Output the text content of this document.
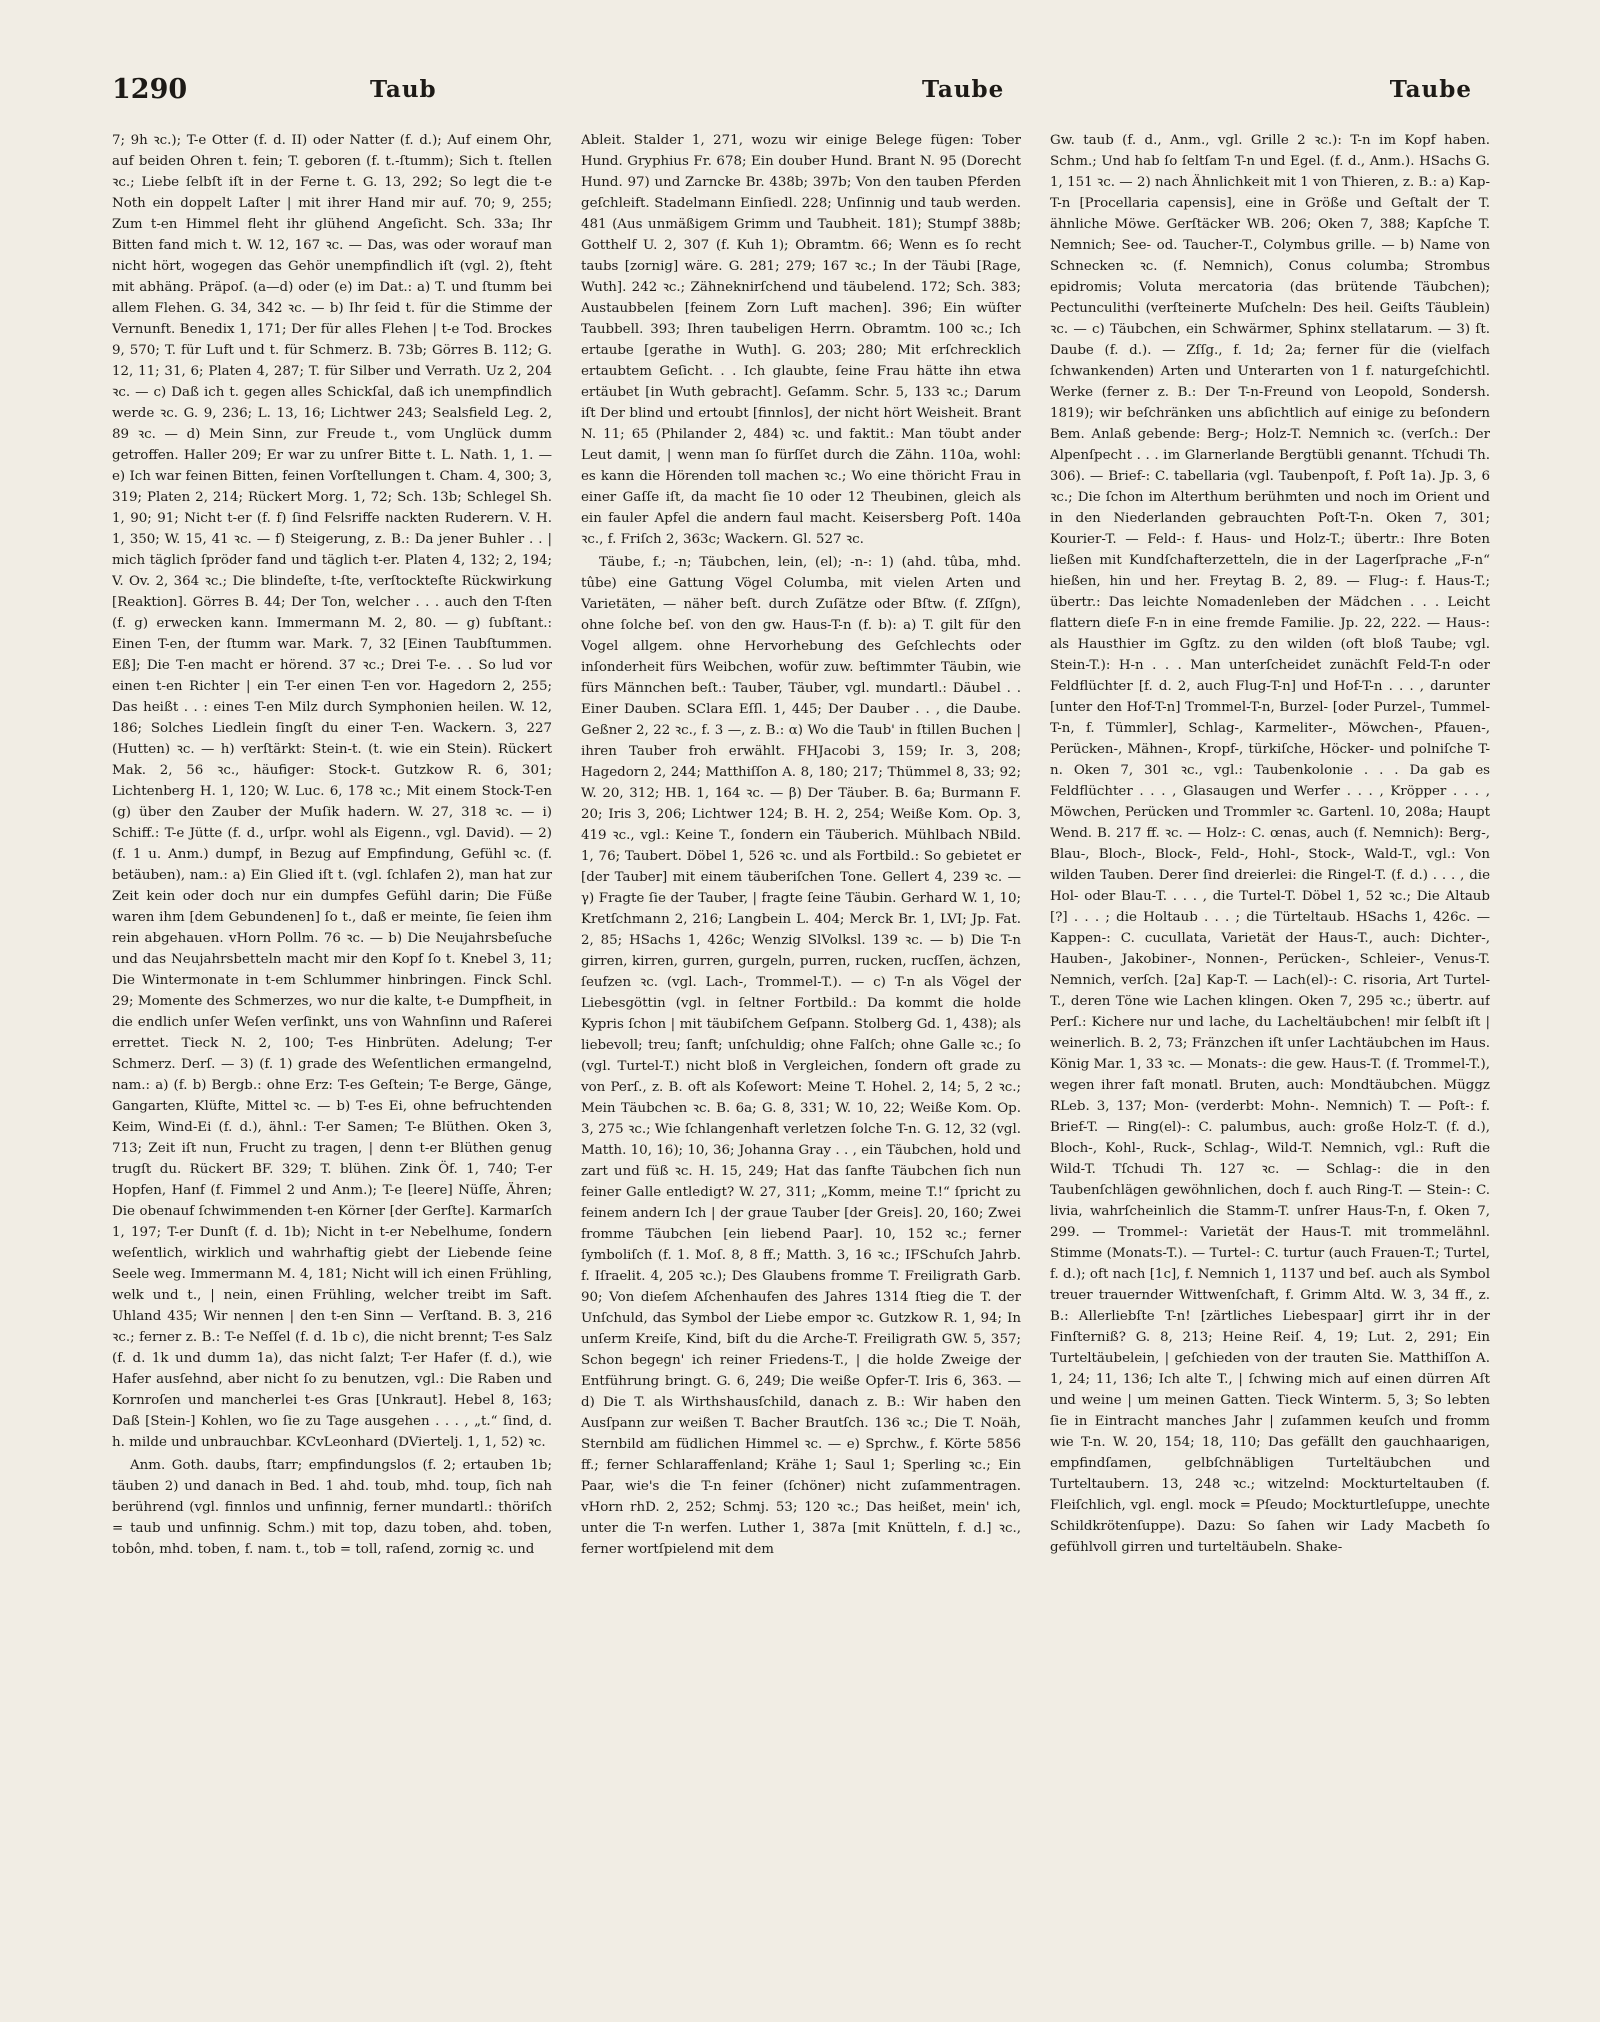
1290	Taub	Taube	Taube

7; 9h ꝛc.); T-e Otter (f. d. II) oder Natter (f. d.); Auf einem Ohr, auf beiden Ohren t. fein; T. geboren (f. t.-ſtumm); Sich t. ſtellen ꝛc.; Liebe ſelbſt iſt in der Ferne t. G. 13, 292; So legt die t-e Noth ein doppelt Laſter | mit ihrer Hand mir auf. 70; 9, 255; Zum t-en Himmel fleht ihr glühend Angeſicht. Sch. 33a; Ihr Bitten fand mich t. W. 12, 167 ꝛc. — Das, was oder worauf man nicht hört, wogegen das Gehör unempfindlich iſt (vgl. 2), ſteht mit abhäng. Präpoſ. (a—d) oder (e) im Dat.: a) T. und ſtumm bei allem Flehen. G. 34, 342 ꝛc. — b) Ihr ſeid t. für die Stimme der Vernunft. Benedix 1, 171; Der für alles Flehen | t-e Tod. Brockes 9, 570; T. für Luft und t. für Schmerz. B. 73b; Görres B. 112; G. 12, 11; 31, 6; Platen 4, 287; T. für Silber und Verrath. Uz 2, 204 ꝛc. — c) Daß ich t. gegen alles Schickſal, daß ich unempfindlich werde ꝛc. G. 9, 236; L. 13, 16; Lichtwer 243; Sealsfield Leg. 2, 89 ꝛc. — d) Mein Sinn, zur Freude t., vom Unglück dumm getroffen. Haller 209; Er war zu unſrer Bitte t. L. Nath. 1, 1. — e) Ich war feinen Bitten, feinen Vorſtellungen t. Cham. 4, 300; 3, 319; Platen 2, 214; Rückert Morg. 1, 72; Sch. 13b; Schlegel Sh. 1, 90; 91; Nicht t-er (f. f) ſind Felsriffe nackten Ruderern. V. H. 1, 350; W. 15, 41 ꝛc. — f) Steigerung, z. B.: Da jener Buhler . . | mich täglich ſpröder fand und täglich t-er. Platen 4, 132; 2, 194; V. Ov. 2, 364 ꝛc.; Die blindeſte, t-ſte, verſtockteſte Rückwirkung [Reaktion]. Görres B. 44; Der Ton, welcher . . . auch den T-ſten (f. g) erwecken kann. Immermann M. 2, 80. — g) ſubſtant.: Einen T-en, der ſtumm war. Mark. 7, 32 [Einen Taubſtummen. Eß]; Die T-en macht er hörend. 37 ꝛc.; Drei T-e. . . So lud vor einen t-en Richter | ein T-er einen T-en vor. Hagedorn 2, 255; Das heißt . . : eines T-en Milz durch Symphonien heilen. W. 12, 186; Solches Liedlein ſingſt du einer T-en. Wackern. 3, 227 (Hutten) ꝛc. — h) verſtärkt: Stein-t. (t. wie ein Stein). Rückert Mak. 2, 56 ꝛc., häufiger: Stock-t. Gutzkow R. 6, 301; Lichtenberg H. 1, 120; W. Luc. 6, 178 ꝛc.; Mit einem Stock-T-en (g) über den Zauber der Muſik hadern. W. 27, 318 ꝛc. — i) Schiff.: T-e Jütte (f. d., urſpr. wohl als Eigenn., vgl. David). — 2) (f. 1 u. Anm.) dumpf, in Bezug auf Empfindung, Gefühl ꝛc. (f. betäuben), nam.: a) Ein Glied iſt t. (vgl. ſchlafen 2), man hat zur Zeit kein oder doch nur ein dumpfes Gefühl darin; Die Füße waren ihm [dem Gebundenen] ſo t., daß er meinte, ſie ſeien ihm rein abgehauen. vHorn Pollm. 76 ꝛc. — b) Die Neujahrsbeſuche und das Neujahrsbetteln macht mir den Kopf ſo t. Knebel 3, 11; Die Wintermonate in t-em Schlummer hinbringen. Finck Schl. 29; Momente des Schmerzes, wo nur die kalte, t-e Dumpfheit, in die endlich unſer Weſen verſinkt, uns von Wahnſinn und Raſerei errettet. Tieck N. 2, 100; T-es Hinbrüten. Adelung; T-er Schmerz. Derſ. — 3) (f. 1) grade des Weſentlichen ermangelnd, nam.: a) (f. b) Bergb.: ohne Erz: T-es Geſtein; T-e Berge, Gänge, Gangarten, Klüfte, Mittel ꝛc. — b) T-es Ei, ohne befruchtenden Keim, Wind-Ei (f. d.), ähnl.: T-er Samen; T-e Blüthen. Oken 3, 713; Zeit iſt nun, Frucht zu tragen, | denn t-er Blüthen genug trugſt du. Rückert BF. 329; T. blühen. Zink Öf. 1, 740; T-er Hopfen, Hanf (f. Fimmel 2 und Anm.); T-e [leere] Nüſſe, Ähren; Die obenauf ſchwimmenden t-en Körner [der Gerſte]. Karmarſch 1, 197; T-er Dunſt (f. d. 1b); Nicht in t-er Nebelhume, ſondern weſentlich, wirklich und wahrhaftig giebt der Liebende ſeine Seele weg. Immermann M. 4, 181; Nicht will ich einen Frühling, welk und t., | nein, einen Frühling, welcher treibt im Saft. Uhland 435; Wir nennen | den t-en Sinn — Verſtand. B. 3, 216 ꝛc.; ferner z. B.: T-e Neſſel (f. d. 1b c), die nicht brennt; T-es Salz (f. d. 1k und dumm 1a), das nicht ſalzt; T-er Hafer (f. d.), wie Hafer ausſehnd, aber nicht ſo zu benutzen, vgl.: Die Raben und Kornroſen und mancherlei t-es Gras [Unkraut]. Hebel 8, 163; Daß [Stein-] Kohlen, wo ſie zu Tage ausgehen . . . , „t.“ ſind, d. h. milde und unbrauchbar. KCvLeonhard (DViertelj. 1, 1, 52) ꝛc.

Anm. Goth. daubs, ſtarr; empfindungslos (f. 2; ertauben 1b; täuben 2) und danach in Bed. 1 ahd. toub, mhd. toup, ſich nah berührend (vgl. finnlos und unfinnig, ferner mundartl.: thöriſch = taub und unfinnig. Schm.) mit top, dazu toben, ahd. toben, tobôn, mhd. toben, f. nam. t., tob = toll, raſend, zornig ꝛc. und

Ableit. Stalder 1, 271, wozu wir einige Belege fügen: Tober Hund. Gryphius Fr. 678; Ein douber Hund. Brant N. 95 (Dorecht Hund. 97) und Zarncke Br. 438b; 397b; Von den tauben Pferden geſchleift. Stadelmann Einſiedl. 228; Unſinnig und taub werden. 481 (Aus unmäßigem Grimm und Taubheit. 181); Stumpf 388b; Gotthelf U. 2, 307 (f. Kuh 1); Obramtm. 66; Wenn es ſo recht taubs [zornig] wäre. G. 281; 279; 167 ꝛc.; In der Täubi [Rage, Wuth]. 242 ꝛc.; Zähneknirſchend und täubelend. 172; Sch. 383; Austaubbelen [feinem Zorn Luft machen]. 396; Ein wüſter Taubbell. 393; Ihren taubeligen Herrn. Obramtm. 100 ꝛc.; Ich ertaube [gerathe in Wuth]. G. 203; 280; Mit erſchrecklich ertaubtem Geſicht. . . Ich glaubte, ſeine Frau hätte ihn etwa ertäubet [in Wuth gebracht]. Geſamm. Schr. 5, 133 ꝛc.; Darum iſt Der blind und ertoubt [finnlos], der nicht hört Weisheit. Brant N. 11; 65 (Philander 2, 484) ꝛc. und faktit.: Man töubt ander Leut damit, | wenn man ſo fürſſet durch die Zähn. 110a, wohl: es kann die Hörenden toll machen ꝛc.; Wo eine thöricht Frau in einer Gaſſe iſt, da macht ſie 10 oder 12 Theubinen, gleich als ein fauler Apfel die andern faul macht. Keisersberg Poſt. 140a ꝛc., f. Friſch 2, 363c; Wackern. Gl. 527 ꝛc.

Täube, f.; -n; Täubchen, lein, (el); -n-: 1) (ahd. tûba, mhd. tûbe) eine Gattung Vögel Columba, mit vielen Arten und Varietäten, — näher beſt. durch Zuſätze oder Bſtw. (f. Zſſgn), ohne ſolche beſ. von den gw. Haus-T-n (f. b): a) T. gilt für den Vogel allgem. ohne Hervorhebung des Geſchlechts oder inſonderheit fürs Weibchen, wofür zuw. beſtimmter Täubin, wie fürs Männchen beſt.: Tauber, Täuber, vgl. mundartl.: Däubel . . Einer Dauben. SClara Eſſl. 1, 445; Der Dauber . . , die Daube. Geßner 2, 22 ꝛc., f. 3 —, z. B.: α) Wo die Taub' in ſtillen Buchen | ihren Tauber froh erwählt. FHJacobi 3, 159; Ir. 3, 208; Hagedorn 2, 244; Matthiſſon A. 8, 180; 217; Thümmel 8, 33; 92; W. 20, 312; HB. 1, 164 ꝛc. — β) Der Täuber. B. 6a; Burmann F. 20; Iris 3, 206; Lichtwer 124; B. H. 2, 254; Weiße Kom. Op. 3, 419 ꝛc., vgl.: Keine T., ſondern ein Täuberich. Mühlbach NBild. 1, 76; Taubert. Döbel 1, 526 ꝛc. und als Fortbild.: So gebietet er [der Tauber] mit einem täuberiſchen Tone. Gellert 4, 239 ꝛc. — γ) Fragte ſie der Tauber, | fragte ſeine Täubin. Gerhard W. 1, 10; Kretſchmann 2, 216; Langbein L. 404; Merck Br. 1, LVI; Jp. Fat. 2, 85; HSachs 1, 426c; Wenzig SlVolksl. 139 ꝛc. — b) Die T-n girren, kirren, gurren, gurgeln, purren, rucken, rucſſen, ächzen, ſeufzen ꝛc. (vgl. Lach-, Trommel-T.). — c) T-n als Vögel der Liebesgöttin (vgl. in ſeltner Fortbild.: Da kommt die holde Kypris ſchon | mit täubiſchem Geſpann. Stolberg Gd. 1, 438); als liebevoll; treu; ſanft; unſchuldig; ohne Falſch; ohne Galle ꝛc.; ſo (vgl. Turtel-T.) nicht bloß in Vergleichen, ſondern oft grade zu von Perſ., z. B. oft als Koſewort: Meine T. Hohel. 2, 14; 5, 2 ꝛc.; Mein Täubchen ꝛc. B. 6a; G. 8, 331; W. 10, 22; Weiße Kom. Op. 3, 275 ꝛc.; Wie ſchlangenhaft verletzen ſolche T-n. G. 12, 32 (vgl. Matth. 10, 16); 10, 36; Johanna Gray . . , ein Täubchen, hold und zart und füß ꝛc. H. 15, 249; Hat das ſanfte Täubchen ſich nun feiner Galle entledigt? W. 27, 311; „Komm, meine T.!“ ſpricht zu feinem andern Ich | der graue Tauber [der Greis]. 20, 160; Zwei fromme Täubchen [ein liebend Paar]. 10, 152 ꝛc.; ferner ſymboliſch (f. 1. Moſ. 8, 8 ff.; Matth. 3, 16 ꝛc.; IFSchuſch Jahrb. f. Iſraelit. 4, 205 ꝛc.); Des Glaubens fromme T. Freiligrath Garb. 90; Von dieſem Aſchenhaufen des Jahres 1314 ſtieg die T. der Unſchuld, das Symbol der Liebe empor ꝛc. Gutzkow R. 1, 94; In unſerm Kreiſe, Kind, biſt du die Arche-T. Freiligrath GW. 5, 357; Schon begegn' ich reiner Friedens-T., | die holde Zweige der Entführung bringt. G. 6, 249; Die weiße Opfer-T. Iris 6, 363. — d) Die T. als Wirthshausſchild, danach z. B.: Wir haben den Ausſpann zur weißen T. Bacher Brautſch. 136 ꝛc.; Die T. Noäh, Sternbild am füdlichen Himmel ꝛc. — e) Sprchw., f. Körte 5856 ff.; ferner Schlaraffenland; Krähe 1; Saul 1; Sperling ꝛc.; Ein Paar, wie's die T-n feiner (ſchöner) nicht zuſammentragen. vHorn rhD. 2, 252; Schmj. 53; 120 ꝛc.; Das heißet, mein' ich, unter die T-n werfen. Luther 1, 387a [mit Knütteln, f. d.] ꝛc., ferner wortſpielend mit dem

Gw. taub (f. d., Anm., vgl. Grille 2 ꝛc.): T-n im Kopf haben. Schm.; Und hab ſo ſeltſam T-n und Egel. (f. d., Anm.). HSachs G. 1, 151 ꝛc. — 2) nach Ähnlichkeit mit 1 von Thieren, z. B.: a) Kap-T-n [Procellaria capensis], eine in Größe und Geſtalt der T. ähnliche Möwe. Gerſtäcker WB. 206; Oken 7, 388; Kapſche T. Nemnich; See- od. Taucher-T., Colymbus grille. — b) Name von Schnecken ꝛc. (f. Nemnich), Conus columba; Strombus epidromis; Voluta mercatoria (das brütende Täubchen); Pectunculithi (verſteinerte Muſcheln: Des heil. Geiſts Täublein) ꝛc. — c) Täubchen, ein Schwärmer, Sphinx stellatarum. — 3) ſt. Daube (f. d.). — Zſſg., f. 1d; 2a; ferner für die (vielfach ſchwankenden) Arten und Unterarten von 1 f. naturgeſchichtl. Werke (ferner z. B.: Der T-n-Freund von Leopold, Sondersh. 1819); wir beſchränken uns abſichtlich auf einige zu beſondern Bem. Anlaß gebende: Berg-; Holz-T. Nemnich ꝛc. (verſch.: Der Alpenſpecht . . . im Glarnerlande Bergtübli genannt. Tſchudi Th. 306). — Brief-: C. tabellaria (vgl. Taubenpoſt, f. Poſt 1a). Jp. 3, 6 ꝛc.; Die ſchon im Alterthum berühmten und noch im Orient und in den Niederlanden gebrauchten Poſt-T-n. Oken 7, 301; Kourier-T. — Feld-: f. Haus- und Holz-T.; übertr.: Ihre Boten ließen mit Kundſchafterzetteln, die in der Lagerſprache „F-n“ hießen, hin und her. Freytag B. 2, 89. — Flug-: f. Haus-T.; übertr.: Das leichte Nomadenleben der Mädchen . . . Leicht flattern dieſe F-n in eine fremde Familie. Jp. 22, 222. — Haus-: als Hausthier im Ggſtz. zu den wilden (oft bloß Taube; vgl. Stein-T.): H-n . . . Man unterſcheidet zunächſt Feld-T-n oder Feldflüchter [f. d. 2, auch Flug-T-n] und Hof-T-n . . . , darunter [unter den Hof-T-n] Trommel-T-n, Burzel- [oder Purzel-, Tummel-T-n, f. Tümmler], Schlag-, Karmeliter-, Möwchen-, Pfauen-, Perücken-, Mähnen-, Kropf-, türkiſche, Höcker- und polniſche T-n. Oken 7, 301 ꝛc., vgl.: Taubenkolonie . . . Da gab es Feldflüchter . . . , Glasaugen und Werfer . . . , Kröpper . . . , Möwchen, Perücken und Trommler ꝛc. Gartenl. 10, 208a; Haupt Wend. B. 217 ff. ꝛc. — Holz-: C. œnas, auch (f. Nemnich): Berg-, Blau-, Bloch-, Block-, Feld-, Hohl-, Stock-, Wald-T., vgl.: Von wilden Tauben. Derer ſind dreierlei: die Ringel-T. (f. d.) . . . , die Hol- oder Blau-T. . . . , die Turtel-T. Döbel 1, 52 ꝛc.; Die Altaub [?] . . . ; die Holtaub . . . ; die Türteltaub. HSachs 1, 426c. — Kappen-: C. cucullata, Varietät der Haus-T., auch: Dichter-, Hauben-, Jakobiner-, Nonnen-, Perücken-, Schleier-, Venus-T. Nemnich, verſch. [2a] Kap-T. — Lach(el)-: C. risoria, Art Turtel-T., deren Töne wie Lachen klingen. Oken 7, 295 ꝛc.; übertr. auf Perſ.: Kichere nur und lache, du Lacheltäubchen! mir ſelbſt iſt | weinerlich. B. 2, 73; Fränzchen iſt unſer Lachtäubchen im Haus. König Mar. 1, 33 ꝛc. — Monats-: die gew. Haus-T. (f. Trommel-T.), wegen ihrer faſt monatl. Bruten, auch: Mondtäubchen. Müggz RLeb. 3, 137; Mon- (verderbt: Mohn-. Nemnich) T. — Poſt-: f. Brief-T. — Ring(el)-: C. palumbus, auch: große Holz-T. (f. d.), Bloch-, Kohl-, Ruck-, Schlag-, Wild-T. Nemnich, vgl.: Ruft die Wild-T. Tſchudi Th. 127 ꝛc. — Schlag-: die in den Taubenſchlägen gewöhnlichen, doch f. auch Ring-T. — Stein-: C. livia, wahrſcheinlich die Stamm-T. unſrer Haus-T-n, f. Oken 7, 299. — Trommel-: Varietät der Haus-T. mit trommelähnl. Stimme (Monats-T.). — Turtel-: C. turtur (auch Frauen-T.; Turtel, f. d.); oft nach [1c], f. Nemnich 1, 1137 und beſ. auch als Symbol treuer trauernder Wittwenſchaft, f. Grimm Altd. W. 3, 34 ff., z. B.: Allerliebſte T-n! [zärtliches Liebespaar] girrt ihr in der Finſterniß? G. 8, 213; Heine Reiſ. 4, 19; Lut. 2, 291; Ein Turteltäubelein, | geſchieden von der trauten Sie. Matthiſſon A. 1, 24; 11, 136; Ich alte T., | ſchwing mich auf einen dürren Aſt und weine | um meinen Gatten. Tieck Winterm. 5, 3; So lebten ſie in Eintracht manches Jahr | zuſammen keuſch und fromm wie T-n. W. 20, 154; 18, 110; Das gefällt den gauchhaarigen, empfindſamen, gelbſchnäbligen Turteltäubchen und Turteltaubern. 13, 248 ꝛc.; witzelnd: Mockturteltauben (f. Fleiſchlich, vgl. engl. mock = Pſeudo; Mockturtleſuppe, unechte Schildkrötenſuppe). Dazu: So ſahen wir Lady Macbeth ſo gefühlvoll girren und turteltäubeln. Shake-
